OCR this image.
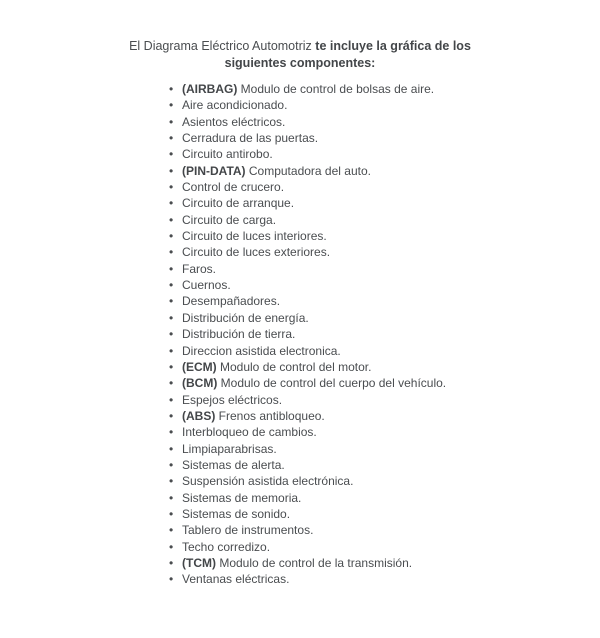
El Diagrama Eléctrico Automotriz te incluye la gráfica de los siguientes componentes:

• (AIRBAG) Modulo de control de bolsas de aire.
• Aire acondicionado.
• Asientos eléctricos.
• Cerradura de las puertas.
• Circuito antirobo.
• (PIN-DATA) Computadora del auto.
• Control de crucero.
• Circuito de arranque.
• Circuito de carga.
• Circuito de luces interiores.
• Circuito de luces exteriores.
• Faros.
• Cuernos.
• Desempañadores.
• Distribución de energía.
• Distribución de tierra.
• Direccion asistida electronica.
• (ECM) Modulo de control del motor.
• (BCM) Modulo de control del cuerpo del vehículo.
• Espejos eléctricos.
• (ABS) Frenos antibloqueo.
• Interbloqueo de cambios.
• Limpiaparabrisas.
• Sistemas de alerta.
• Suspensión asistida electrónica.
• Sistemas de memoria.
• Sistemas de sonido.
• Tablero de instrumentos.
• Techo corredizo.
• (TCM) Modulo de control de la transmisión.
• Ventanas eléctricas.
